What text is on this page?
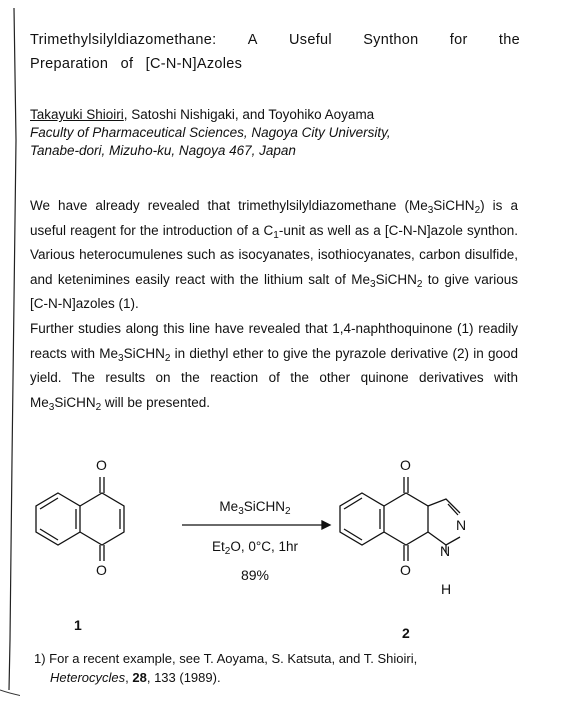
Trimethylsilyldiazomethane: A Useful Synthon for the
Preparation of [C-N-N]Azoles
Takayuki Shioiri, Satoshi Nishigaki, and Toyohiko Aoyama
Faculty of Pharmaceutical Sciences, Nagoya City University,
Tanabe-dori, Mizuho-ku, Nagoya 467, Japan

We have already revealed that trimethylsilyldiazomethane $(Me_3SiCHN_2)$ is a useful reagent for the introduction of a $C_1$-unit as well as a [C-N-N]azole synthon. Various heterocumulenes such as isocyanates, isothiocyanates, carbon disulfide, and ketenimines easily react with the lithium salt of $Me_3SiCHN_2$ to give various [C-N-N]azoles (1).

Further studies along this line have revealed that 1,4-naphthoquinone (1) readily reacts with $Me_3SiCHN_2$ in diethyl ether to give the pyrazole derivative (2) in good yield. The results on the reaction of the other quinone derivatives with $Me_3SiCHN_2$ will be presented.

O
O
O
O
N
N
H
$Me_3SiCHN_2$
$Et_2O$, 0°C, 1hr
89%
1	2
1) For a recent example, see T. Aoyama, S. Katsuta, and T. Shioiri,
Heterocycles, 28, 133 (1989).
